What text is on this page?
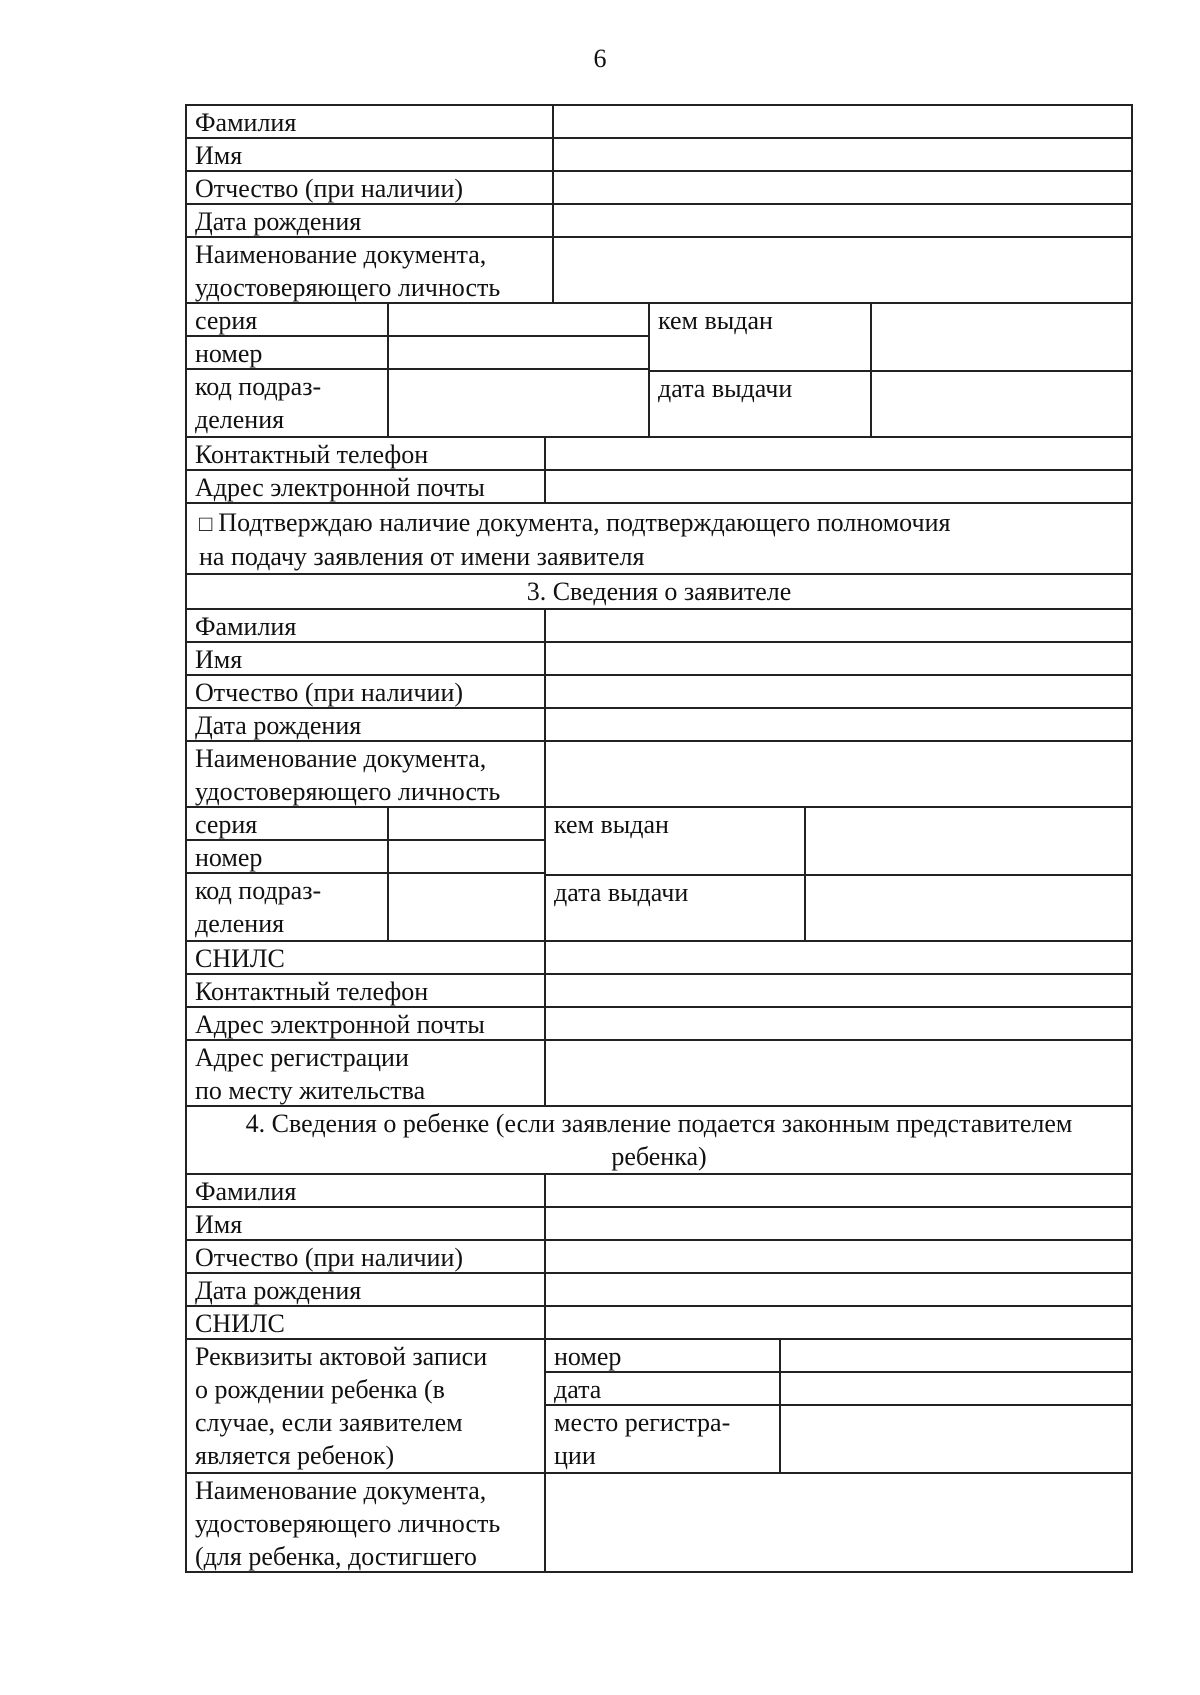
6
Фамилия
Имя
Отчество (при наличии)
Дата рождения
Наименование документа,
удостоверяющего личность
серия	кем выдан
номер
код подраз-
деления
дата выдачи
Контактный телефон
Адрес электронной почты
□ Подтверждаю наличие документа, подтверждающего полномочия
на подачу заявления от имени заявителя
3. Сведения о заявителе
Фамилия
Имя
Отчество (при наличии)
Дата рождения
Наименование документа,
удостоверяющего личность
серия	кем выдан
номер
код подраз-
деления
дата выдачи
СНИЛС
Контактный телефон
Адрес электронной почты
Адрес регистрации
по месту жительства
4. Сведения о ребенке (если заявление подается законным представителем
ребенка)
Фамилия
Имя
Отчество (при наличии)
Дата рождения
СНИЛС
Реквизиты актовой записи
о рождении ребенка (в
случае, если заявителем
является ребенок)
номер
дата
место регистра-
ции
Наименование документа,
удостоверяющего личность
(для ребенка, достигшего
